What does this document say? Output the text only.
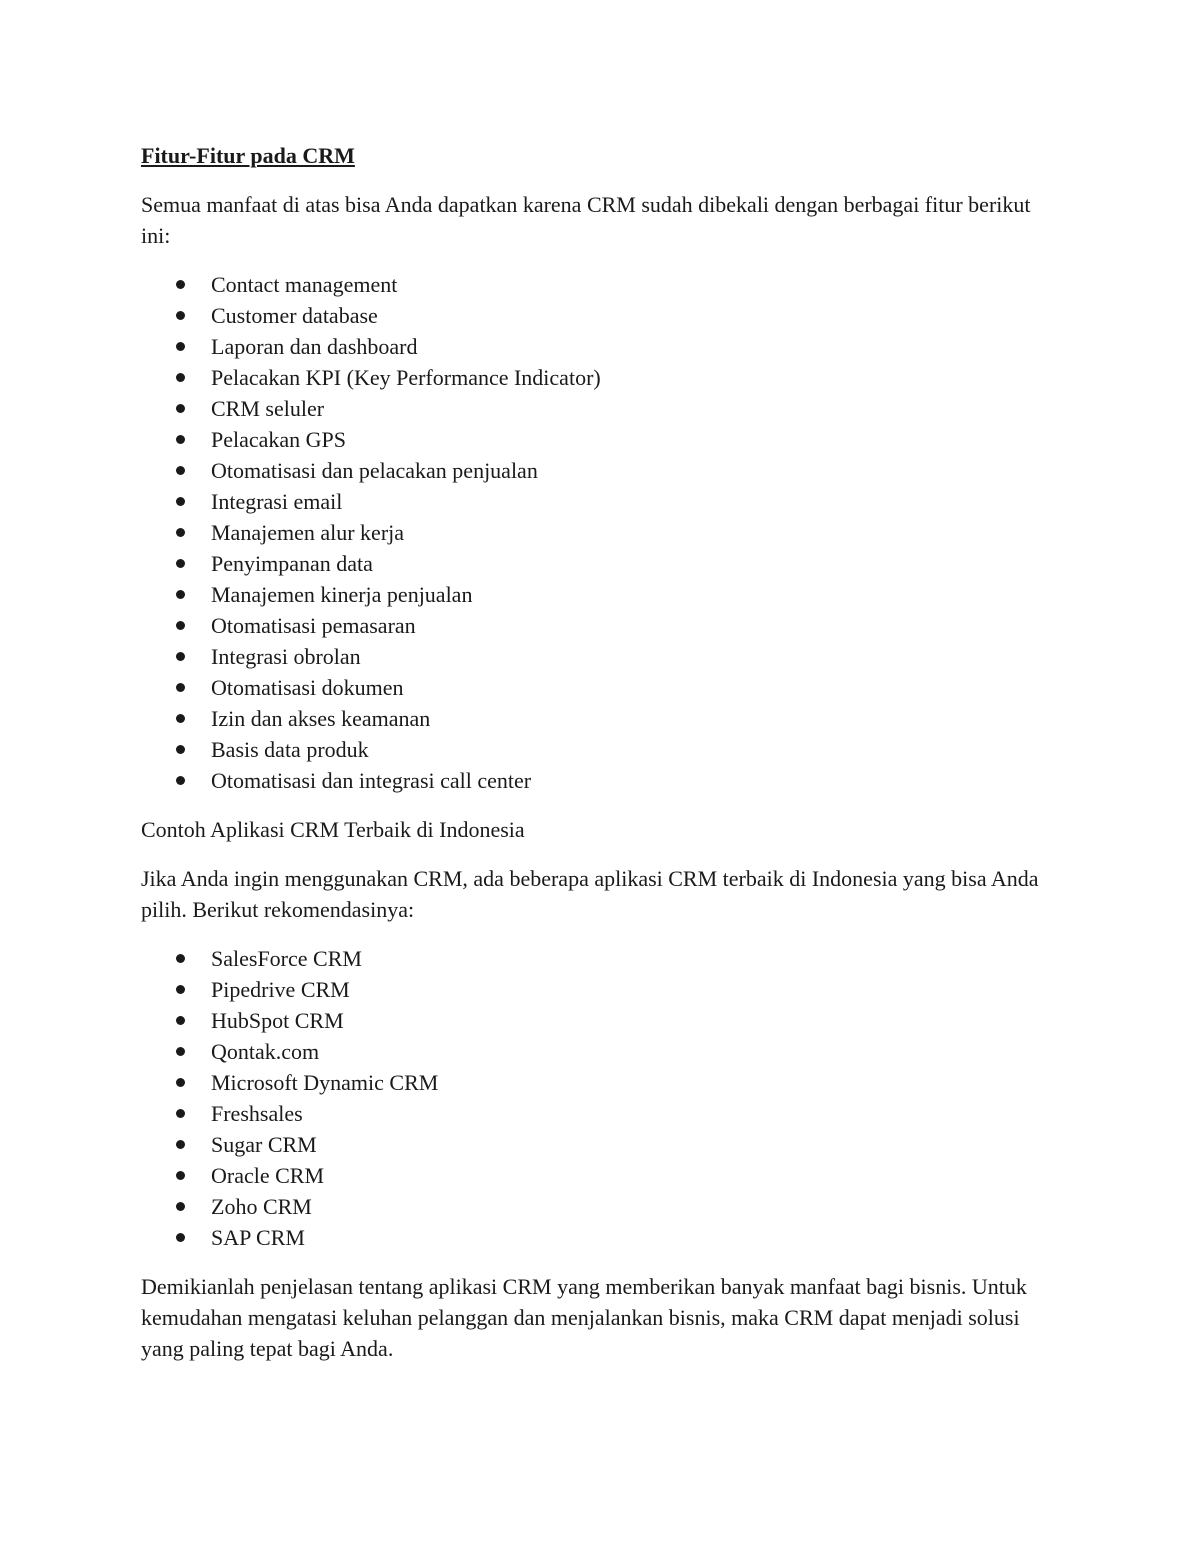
Fitur-Fitur pada CRM

Semua manfaat di atas bisa Anda dapatkan karena CRM sudah dibekali dengan berbagai fitur berikut ini:

Contact management
Customer database
Laporan dan dashboard
Pelacakan KPI (Key Performance Indicator)
CRM seluler
Pelacakan GPS
Otomatisasi dan pelacakan penjualan
Integrasi email
Manajemen alur kerja
Penyimpanan data
Manajemen kinerja penjualan
Otomatisasi pemasaran
Integrasi obrolan
Otomatisasi dokumen
Izin dan akses keamanan
Basis data produk
Otomatisasi dan integrasi call center

Contoh Aplikasi CRM Terbaik di Indonesia

Jika Anda ingin menggunakan CRM, ada beberapa aplikasi CRM terbaik di Indonesia yang bisa Anda pilih. Berikut rekomendasinya:

SalesForce CRM
Pipedrive CRM
HubSpot CRM
Qontak.com
Microsoft Dynamic CRM
Freshsales
Sugar CRM
Oracle CRM
Zoho CRM
SAP CRM

Demikianlah penjelasan tentang aplikasi CRM yang memberikan banyak manfaat bagi bisnis. Untuk kemudahan mengatasi keluhan pelanggan dan menjalankan bisnis, maka CRM dapat menjadi solusi yang paling tepat bagi Anda.
